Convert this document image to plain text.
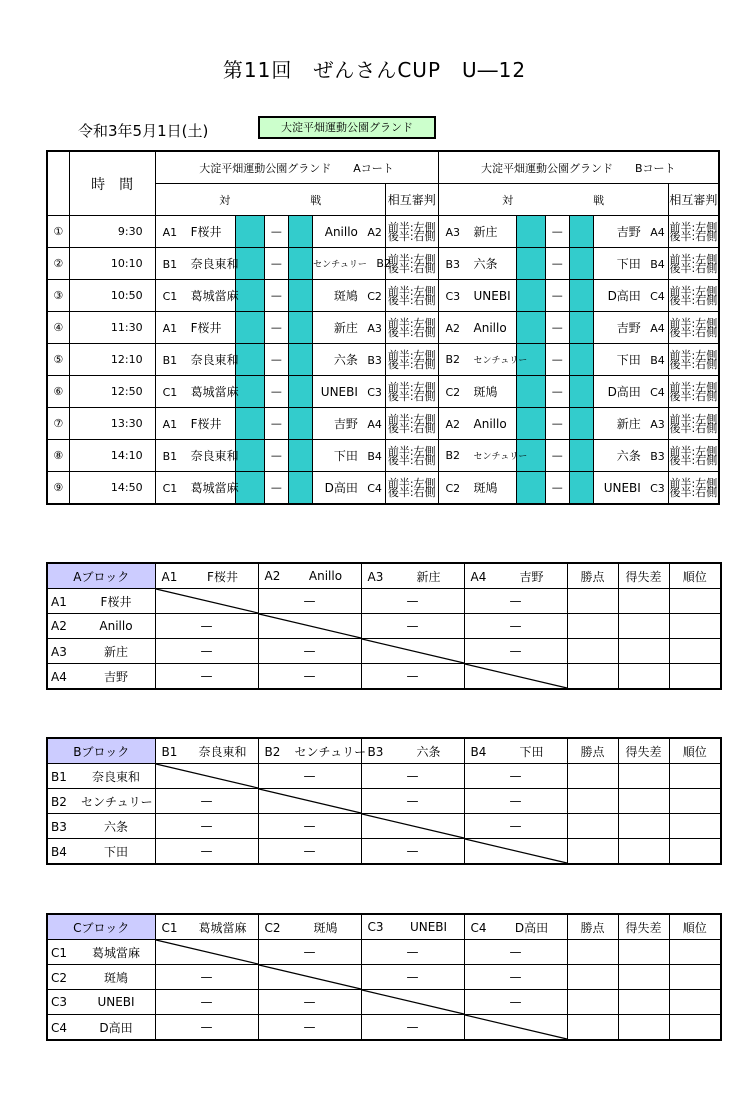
第11回　ぜんさんCUP　U―12
令和3年5月1日(土)	大淀平畑運動公園グランド
	時　間	大淀平畑運動公園グランド　　Aコート						大淀平畑運動公園グランド　　Bコート					
		対 戦					相互審判	対 戦					相互審判
①	9:30	A1 F桜井		—		Anillo A2	前半:左側後半:右側	A3 新庄		—		吉野 A4	前半:左側後半:右側
②	10:10	B1 奈良東和		—		センチュリー B2	前半:左側後半:右側	B3 六条		—		下田 B4	前半:左側後半:右側
③	10:50	C1 葛城當麻		—		斑鳩 C2	前半:左側後半:右側	C3 UNEBI		—		D高田 C4	前半:左側後半:右側
④	11:30	A1 F桜井		—		新庄 A3	前半:左側後半:右側	A2 Anillo		—		吉野 A4	前半:左側後半:右側
⑤	12:10	B1 奈良東和		—		六条 B3	前半:左側後半:右側	B2 センチュリー		—		下田 B4	前半:左側後半:右側
⑥	12:50	C1 葛城當麻		—		UNEBI C3	前半:左側後半:右側	C2 斑鳩		—		D高田 C4	前半:左側後半:右側
⑦	13:30	A1 F桜井		—		吉野 A4	前半:左側後半:右側	A2 Anillo		—		新庄 A3	前半:左側後半:右側
⑧	14:10	B1 奈良東和		—		下田 B4	前半:左側後半:右側	B2 センチュリー		—		六条 B3	前半:左側後半:右側
⑨	14:50	C1 葛城當麻		—		D高田 C4	前半:左側後半:右側	C2 斑鳩		—		UNEBI C3	前半:左側後半:右側
Aブロック	A1 F桜井	A2 Anillo	A3 新庄	A4 吉野	勝点	得失差	順位
A1 F桜井		—	—	—			
A2 Anillo	—		—	—			
A3 新庄	—	—		—			
A4 吉野	—	—	—	

Bブロック	B1 奈良東和	B2 センチュリー	B3 六条	B4 下田	勝点	得失差	順位
B1 奈良東和		—	—	—			
B2 センチュリー	—		—	—			
B3 六条	—	—		—			
B4 下田	—	—	—	

Cブロック	C1 葛城當麻	C2 斑鳩	C3 UNEBI	C4 D高田	勝点	得失差	順位
C1 葛城當麻		—	—	—			
C2 斑鳩	—		—	—			
C3 UNEBI	—	—		—			
C4 D高田	—	—	—	
